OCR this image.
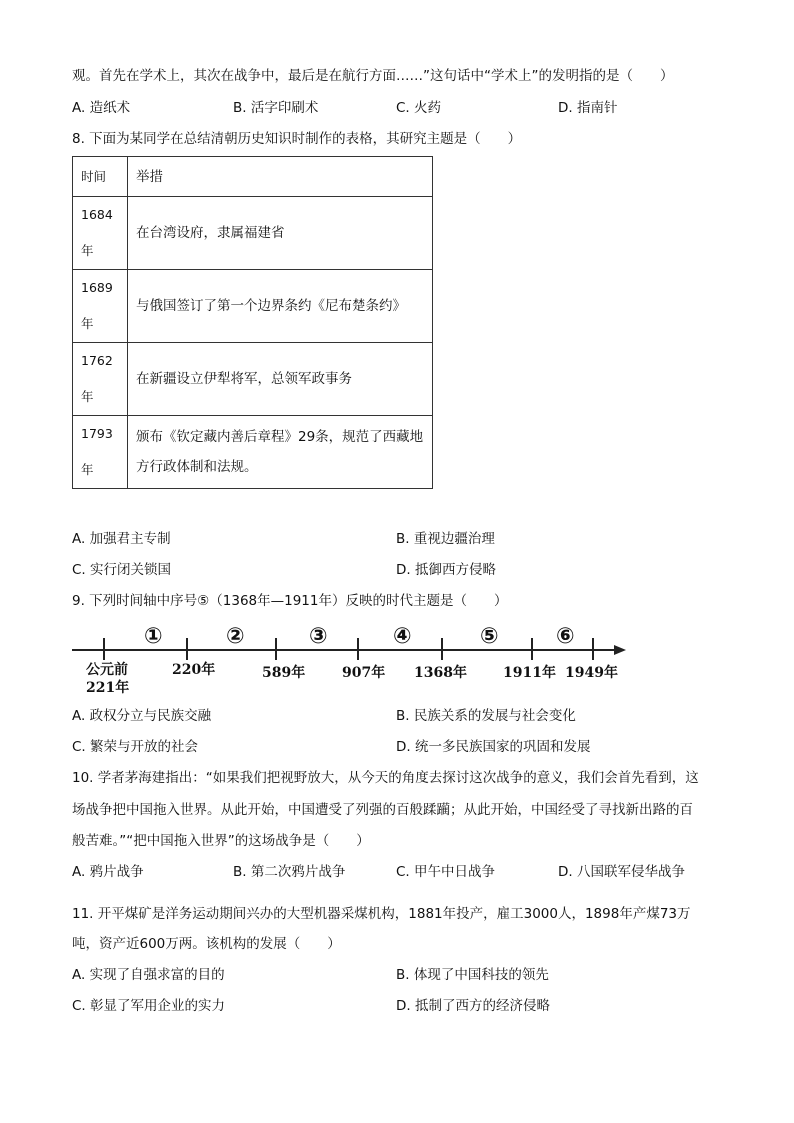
观。首先在学术上，其次在战争中，最后是在航行方面……”这句话中“学术上”的发明指的是（　　）
A. 造纸术	B. 活字印刷术	C. 火药	D. 指南针
8. 下面为某同学在总结清朝历史知识时制作的表格，其研究主题是（　　）
时间	举措

1684
年	在台湾设府，隶属福建省

1689
年	与俄国签订了第一个边界条约《尼布楚条约》

1762
年	在新疆设立伊犁将军，总领军政事务

1793
年	颁布《钦定藏内善后章程》29条，规范了西藏地方行政体制和法规。
A. 加强君主专制	B. 重视边疆治理
C. 实行闭关锁国	D. 抵御西方侵略
9. 下列时间轴中序号⑤（1368年—1911年）反映的时代主题是（　　）
①	②	③	④	⑤	⑥
公元前
221年
220年	589年	907年 1368年	1911年 1949年
A. 政权分立与民族交融	B. 民族关系的发展与社会变化
C. 繁荣与开放的社会	D. 统一多民族国家的巩固和发展
10. 学者茅海建指出：“如果我们把视野放大，从今天的角度去探讨这次战争的意义，我们会首先看到，这
场战争把中国拖入世界。从此开始，中国遭受了列强的百般蹂躏；从此开始，中国经受了寻找新出路的百
般苦难。”“把中国拖入世界”的这场战争是（　　）
A. 鸦片战争	B. 第二次鸦片战争	C. 甲午中日战争	D. 八国联军侵华战争
11. 开平煤矿是洋务运动期间兴办的大型机器采煤机构，1881年投产，雇工3000人，1898年产煤73万
吨，资产近600万两。该机构的发展（　　）
A. 实现了自强求富的目的	B. 体现了中国科技的领先
C. 彰显了军用企业的实力	D. 抵制了西方的经济侵略
